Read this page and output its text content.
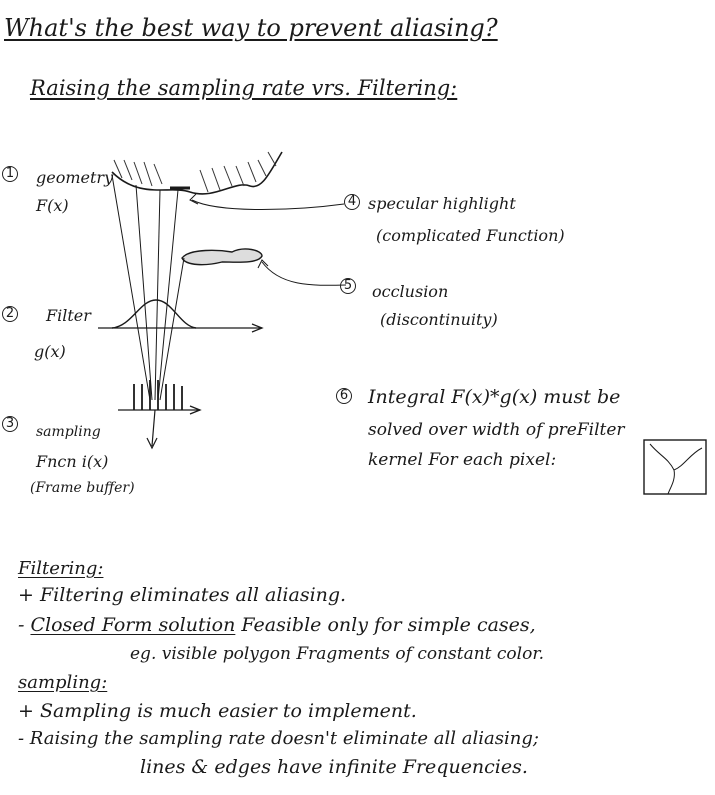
What's the best way to prevent aliasing?
Raising the sampling rate vrs. Filtering:
1 geometry
F(x)
2 Filter
g(x)
3
sampling
Fncn i(x)
(Frame buffer)
4 specular highlight
(complicated Function)
5 occlusion
(discontinuity)
6 Integral F(x)*g(x) must be
solved over width of preFilter
kernel For each pixel:
Filtering:
+ Filtering eliminates all aliasing.
- Closed Form solution Feasible only for simple cases,
eg. visible polygon Fragments of constant color.
sampling:
+ Sampling is much easier to implement.
- Raising the sampling rate doesn't eliminate all aliasing;
lines & edges have infinite Frequencies.
